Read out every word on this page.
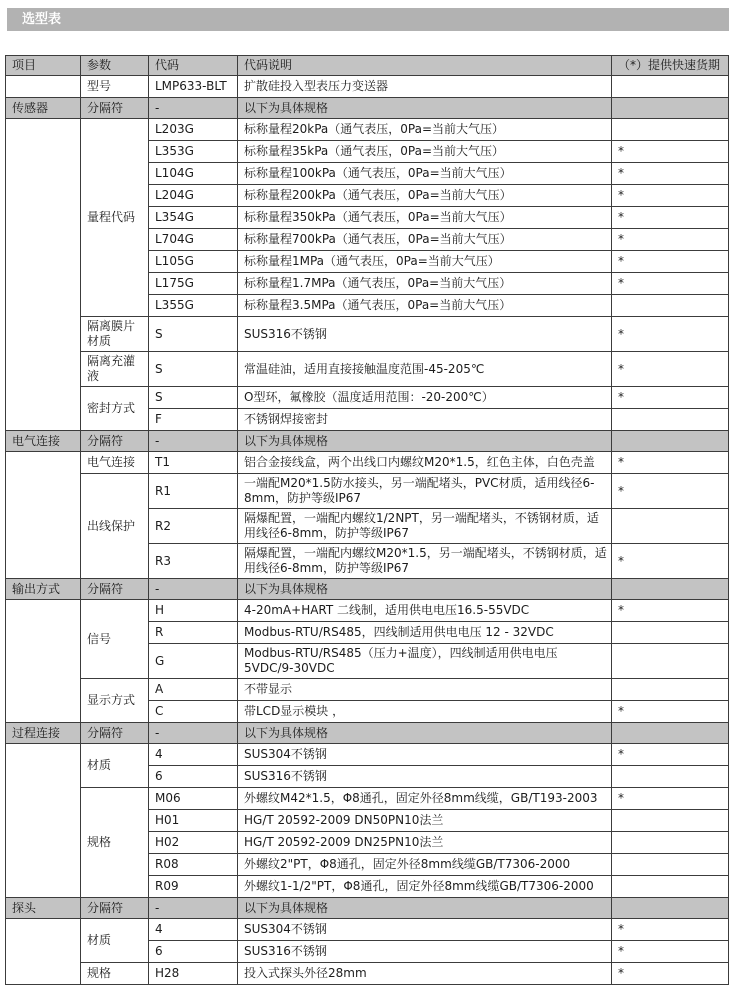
选型表
项目	参数	代码	代码说明	（*）提供快速货期
	型号	LMP633-BLT	扩散硅投入型表压力变送器	
传感器	分隔符	-	以下为具体规格	
	量程代码	L203G	标称量程20kPa（通气表压，0Pa=当前大气压）	
		L353G	标称量程35kPa（通气表压，0Pa=当前大气压）	*
		L104G	标称量程100kPa（通气表压，0Pa=当前大气压）	*
		L204G	标称量程200kPa（通气表压，0Pa=当前大气压）	*
		L354G	标称量程350kPa（通气表压，0Pa=当前大气压）	*
		L704G	标称量程700kPa（通气表压，0Pa=当前大气压）	*
		L105G	标称量程1MPa（通气表压，0Pa=当前大气压）	*
		L175G	标称量程1.7MPa（通气表压，0Pa=当前大气压）	*
		L355G	标称量程3.5MPa（通气表压，0Pa=当前大气压）	
	隔离膜片材质	S	SUS316不锈钢	*
	隔离充灌液	S	常温硅油，适用直接接触温度范围-45-205℃	*
	密封方式	S	O型环，氟橡胶（温度适用范围：-20-200℃）	*
		F	不锈钢焊接密封	
电气连接	分隔符	-	以下为具体规格	
	电气连接	T1	铝合金接线盒，两个出线口内螺纹M20*1.5，红色主体，白色壳盖	*
	出线保护	R1	一端配M20*1.5防水接头，另一端配堵头，PVC材质，适用线径6-8mm，防护等级IP67	*
		R2	隔爆配置，一端配内螺纹1/2NPT，另一端配堵头，不锈钢材质，适用线径6-8mm，防护等级IP67	
		R3	隔爆配置，一端配内螺纹M20*1.5，另一端配堵头，不锈钢材质，适用线径6-8mm，防护等级IP67	*
输出方式	分隔符	-	以下为具体规格	
	信号	H	4-20mA+HART 二线制，适用供电电压16.5-55VDC	*
		R	Modbus-RTU/RS485，四线制适用供电电压 12 - 32VDC	
		G	Modbus-RTU/RS485（压力+温度），四线制适用供电电压5VDC/9-30VDC	
	显示方式	A	不带显示	
		C	带LCD显示模块 ，	*
过程连接	分隔符	-	以下为具体规格	
	材质	4	SUS304不锈钢	*
		6	SUS316不锈钢	
	规格	M06	外螺纹M42*1.5，Φ8通孔，固定外径8mm线缆，GB/T193-2003	*
		H01	HG/T 20592-2009 DN50PN10法兰	
		H02	HG/T 20592-2009 DN25PN10法兰	
		R08	外螺纹2"PT，Φ8通孔，固定外径8mm线缆GB/T7306-2000	
		R09	外螺纹1-1/2"PT，Φ8通孔，固定外径8mm线缆GB/T7306-2000	
探头	分隔符	-	以下为具体规格	
	材质	4	SUS304不锈钢	*
		6	SUS316不锈钢	*
	规格	H28	投入式探头外径28mm	*
